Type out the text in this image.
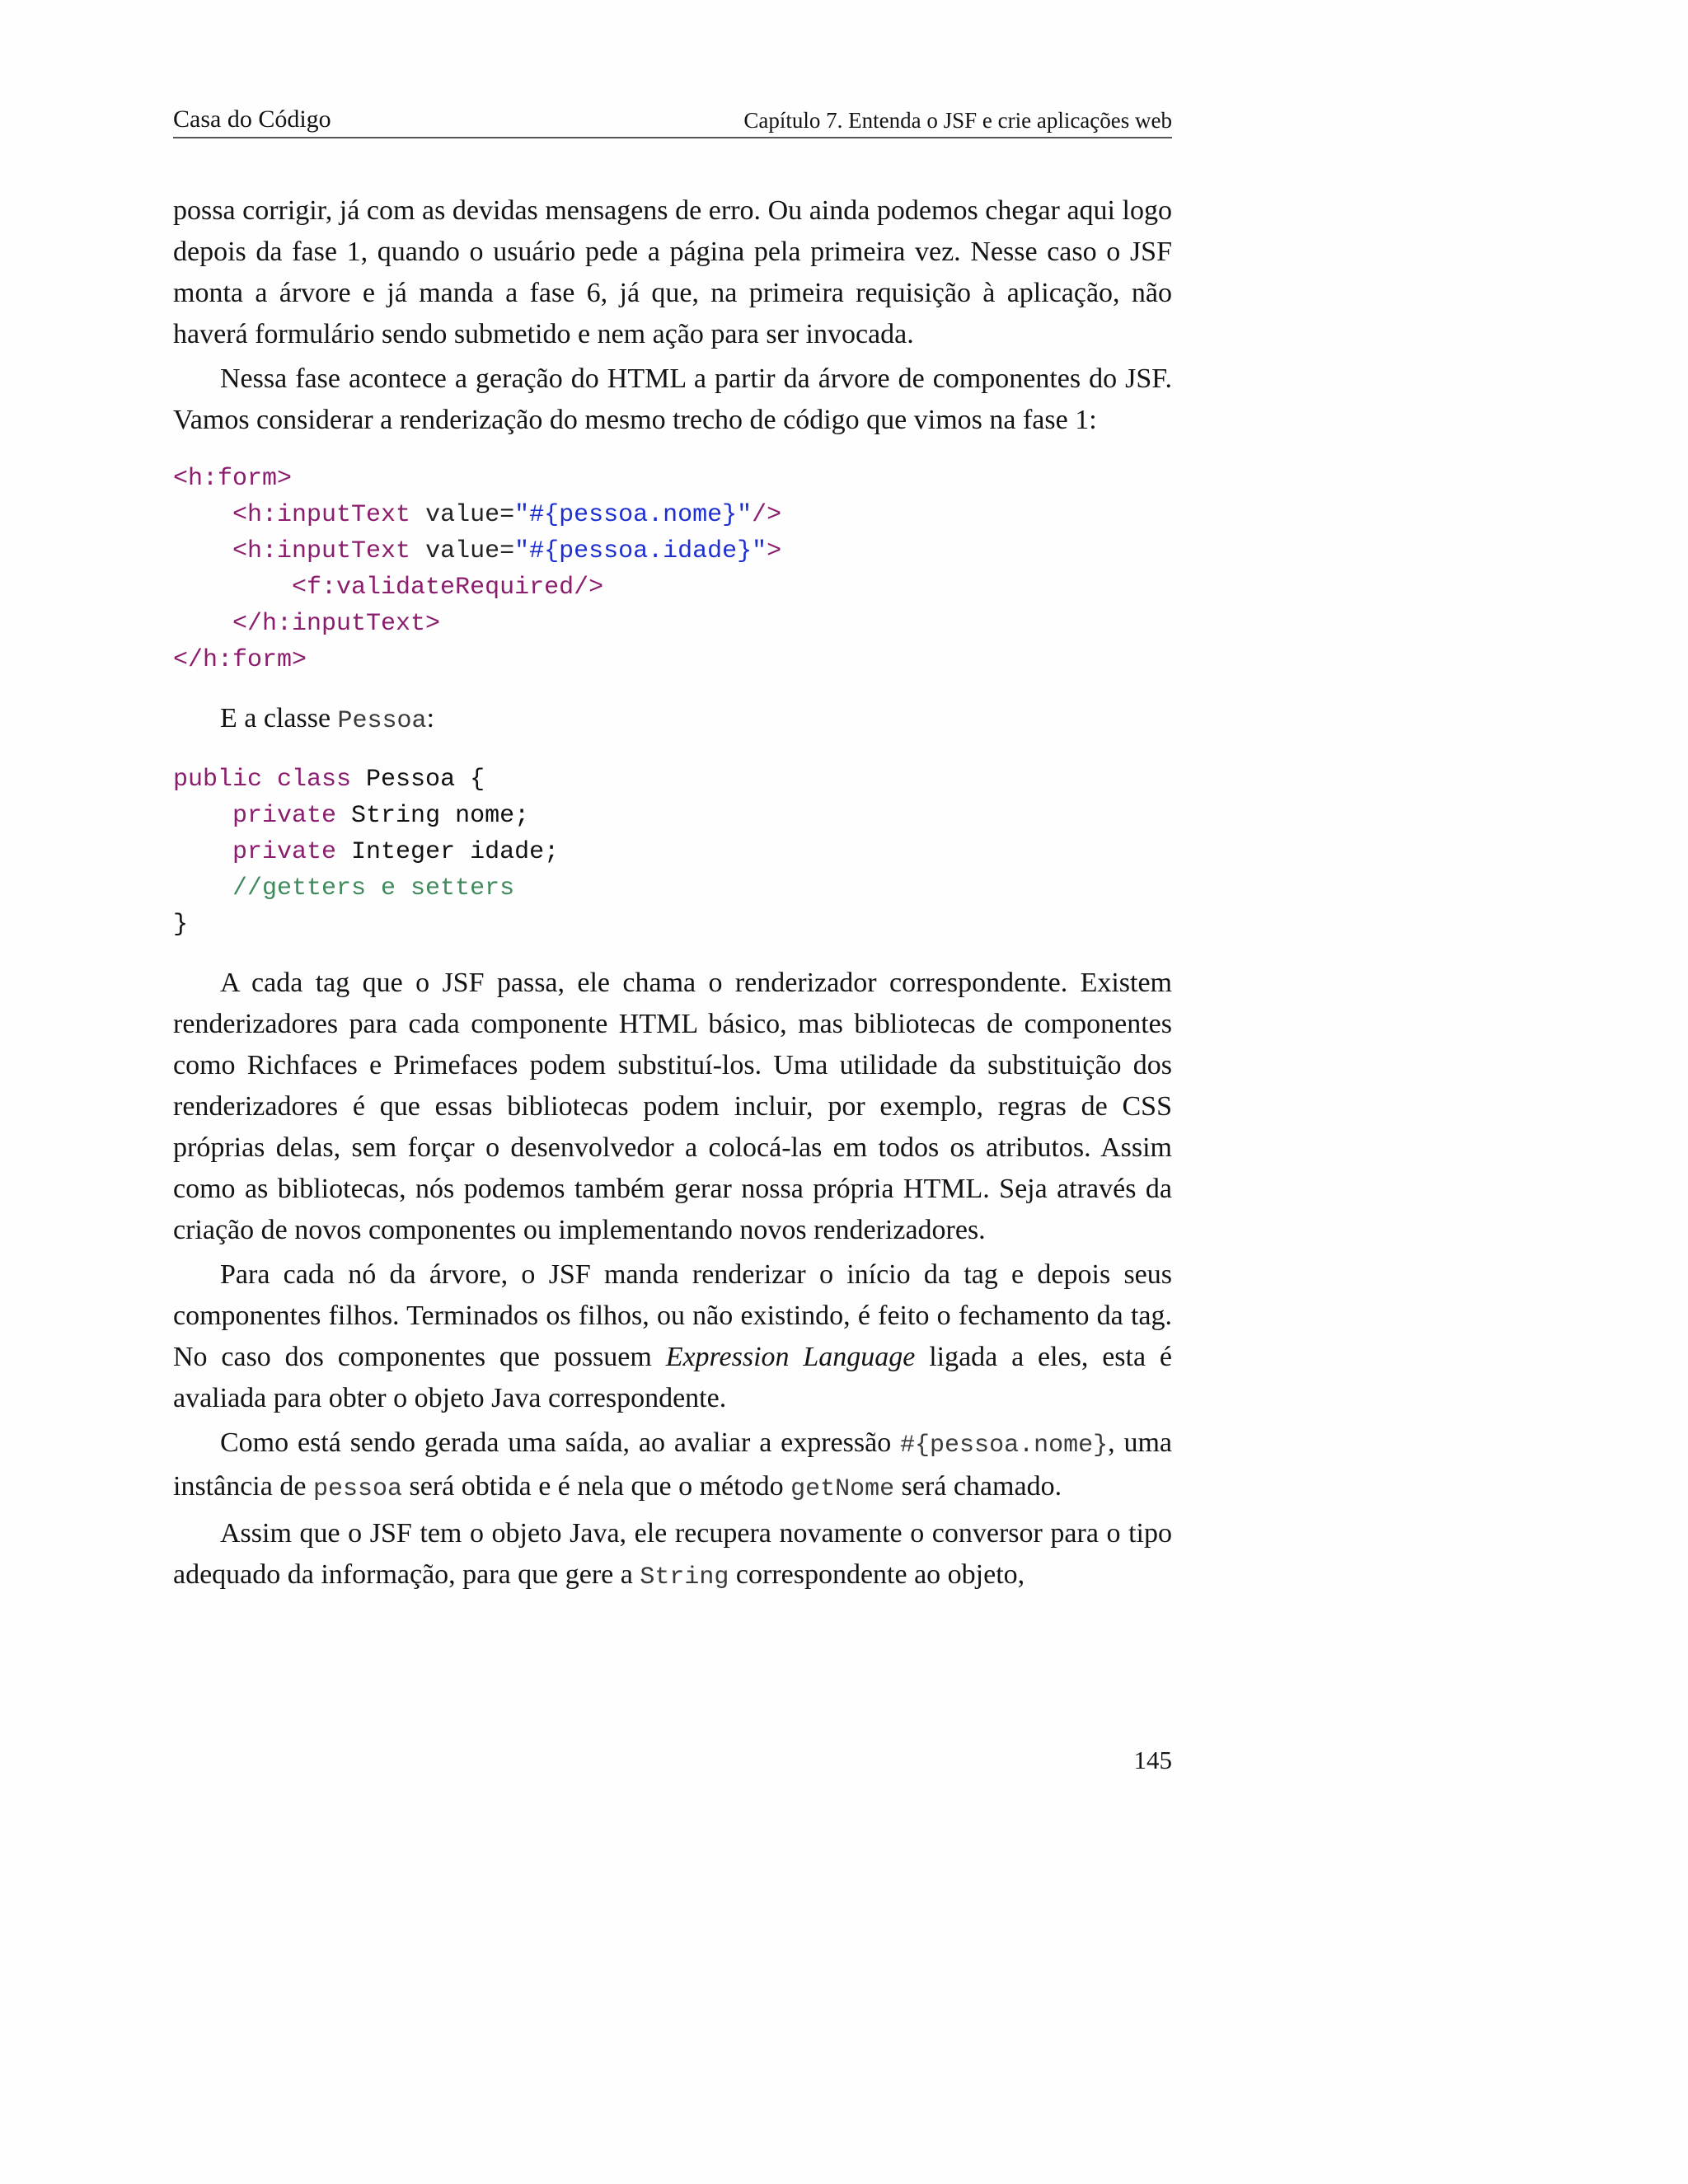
Casa do Código	Capítulo 7. Entenda o JSF e crie aplicações web

possa corrigir, já com as devidas mensagens de erro. Ou ainda podemos chegar aqui logo depois da fase 1, quando o usuário pede a página pela primeira vez. Nesse caso o JSF monta a árvore e já manda a fase 6, já que, na primeira requisição à aplicação, não haverá formulário sendo submetido e nem ação para ser invocada.

Nessa fase acontece a geração do HTML a partir da árvore de componentes do JSF. Vamos considerar a renderização do mesmo trecho de código que vimos na fase 1:

<h:form>
<h:inputText value="#{pessoa.nome}"/>
<h:inputText value="#{pessoa.idade}">
<f:validateRequired/>
</h:inputText>
</h:form>

E a classe Pessoa:

public class Pessoa {
private String nome;
private Integer idade;
//getters e setters
}

A cada tag que o JSF passa, ele chama o renderizador correspondente. Existem renderizadores para cada componente HTML básico, mas bibliotecas de componentes como Richfaces e Primefaces podem substituí-los. Uma utilidade da substituição dos renderizadores é que essas bibliotecas podem incluir, por exemplo, regras de CSS próprias delas, sem forçar o desenvolvedor a colocá-las em todos os atributos. Assim como as bibliotecas, nós podemos também gerar nossa própria HTML. Seja através da criação de novos componentes ou implementando novos renderizadores.

Para cada nó da árvore, o JSF manda renderizar o início da tag e depois seus componentes filhos. Terminados os filhos, ou não existindo, é feito o fechamento da tag. No caso dos componentes que possuem Expression Language ligada a eles, esta é avaliada para obter o objeto Java correspondente.

Como está sendo gerada uma saída, ao avaliar a expressão #{pessoa.nome}, uma instância de pessoa será obtida e é nela que o método getNome será chamado.

Assim que o JSF tem o objeto Java, ele recupera novamente o conversor para o tipo adequado da informação, para que gere a String correspondente ao objeto,

145
